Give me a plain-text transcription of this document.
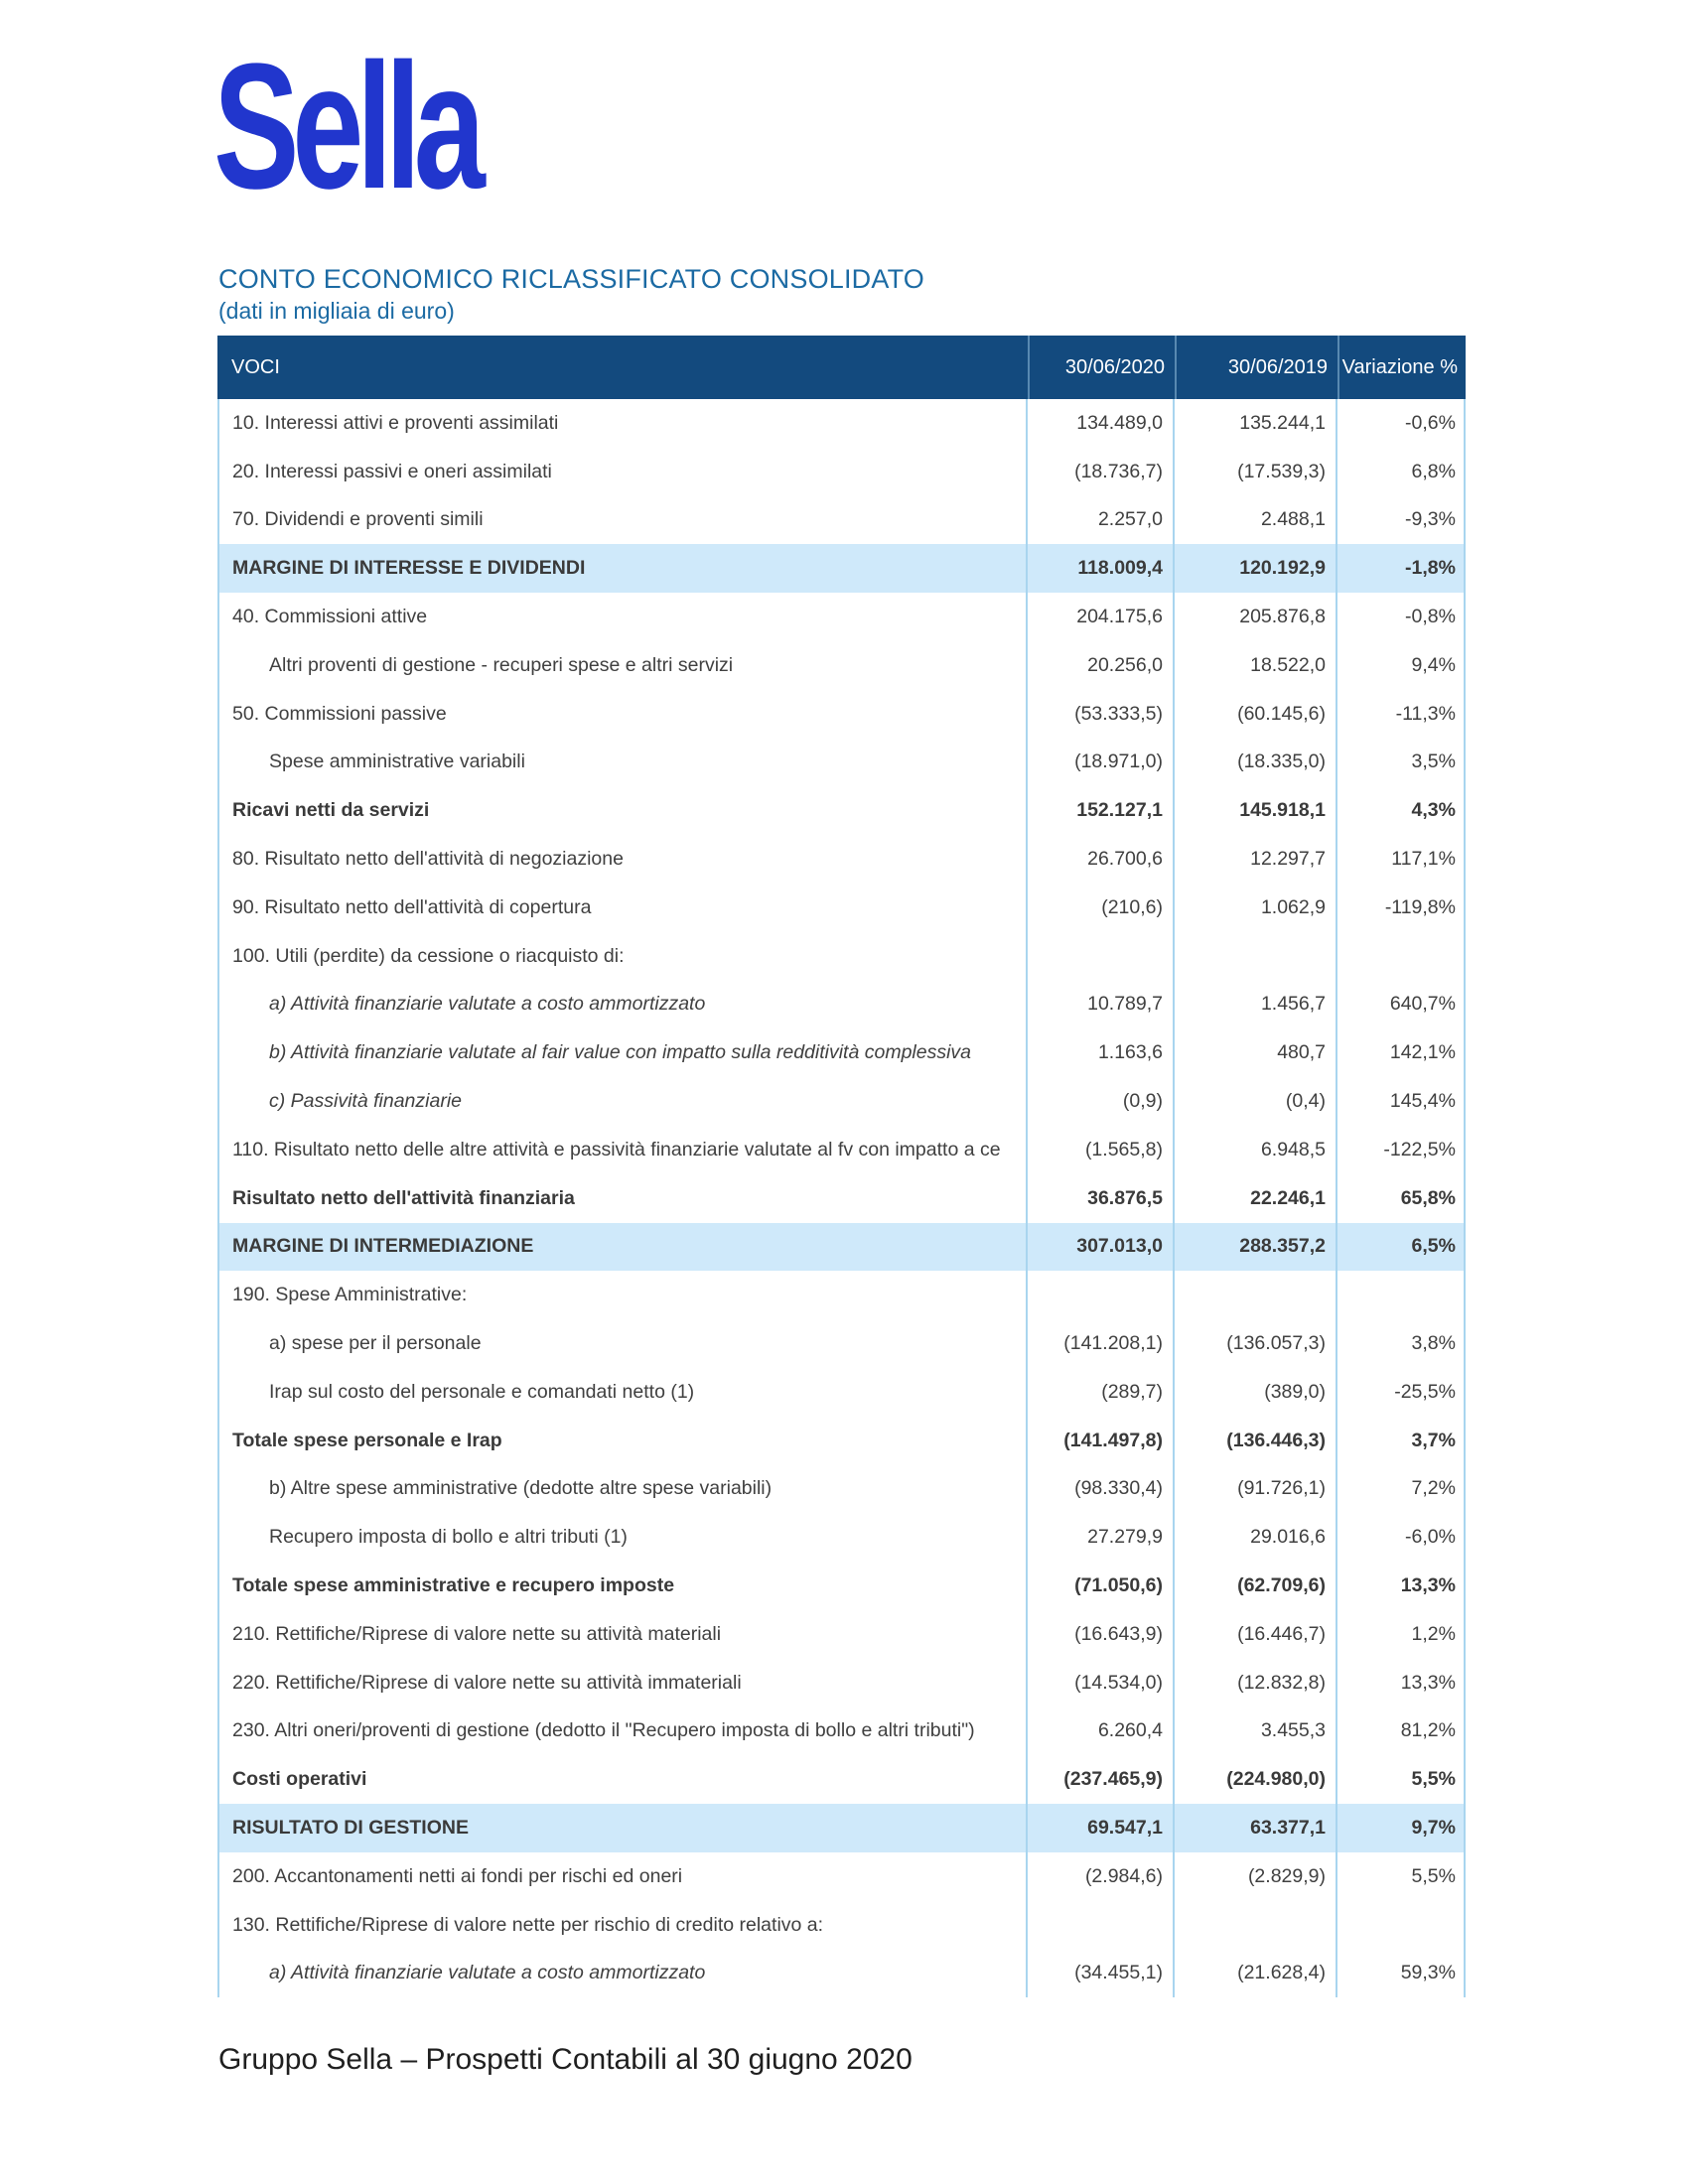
Sella
CONTO ECONOMICO RICLASSIFICATO CONSOLIDATO
(dati in migliaia di euro)
VOCI	30/06/2020	30/06/2019 Variazione %
10. Interessi attivi e proventi assimilati	134.489,0	135.244,1	-0,6%
20. Interessi passivi e oneri assimilati	(18.736,7)	(17.539,3)	6,8%
70. Dividendi e proventi simili	2.257,0	2.488,1	-9,3%
MARGINE DI INTERESSE E DIVIDENDI	118.009,4	120.192,9	-1,8%
40. Commissioni attive	204.175,6	205.876,8	-0,8%
Altri proventi di gestione - recuperi spese e altri servizi	20.256,0	18.522,0	9,4%
50. Commissioni passive	(53.333,5)	(60.145,6)	-11,3%
Spese amministrative variabili	(18.971,0)	(18.335,0)	3,5%
Ricavi netti da servizi	152.127,1	145.918,1	4,3%
80. Risultato netto dell'attività di negoziazione	26.700,6	12.297,7	117,1%
90. Risultato netto dell'attività di copertura	(210,6)	1.062,9	-119,8%
100. Utili (perdite) da cessione o riacquisto di:
a) Attività finanziarie valutate a costo ammortizzato	10.789,7	1.456,7	640,7%
b) Attività finanziarie valutate al fair value con impatto sulla redditività complessiva	1.163,6	480,7	142,1%
c) Passività finanziarie	(0,9)	(0,4)	145,4%
110. Risultato netto delle altre attività e passività finanziarie valutate al fv con impatto a ce	(1.565,8)	6.948,5	-122,5%
Risultato netto dell'attività finanziaria	36.876,5	22.246,1	65,8%
MARGINE DI INTERMEDIAZIONE	307.013,0	288.357,2	6,5%
190. Spese Amministrative:
a) spese per il personale	(141.208,1)	(136.057,3)	3,8%
Irap sul costo del personale e comandati netto (1)	(289,7)	(389,0)	-25,5%
Totale spese personale e Irap	(141.497,8)	(136.446,3)	3,7%
b) Altre spese amministrative (dedotte altre spese variabili)	(98.330,4)	(91.726,1)	7,2%
Recupero imposta di bollo e altri tributi (1)	27.279,9	29.016,6	-6,0%
Totale spese amministrative e recupero imposte	(71.050,6)	(62.709,6)	13,3%
210. Rettifiche/Riprese di valore nette su attività materiali	(16.643,9)	(16.446,7)	1,2%
220. Rettifiche/Riprese di valore nette su attività immateriali	(14.534,0)	(12.832,8)	13,3%
230. Altri oneri/proventi di gestione (dedotto il "Recupero imposta di bollo e altri tributi")	6.260,4	3.455,3	81,2%
Costi operativi	(237.465,9)	(224.980,0)	5,5%
RISULTATO DI GESTIONE	69.547,1	63.377,1	9,7%
200. Accantonamenti netti ai fondi per rischi ed oneri	(2.984,6)	(2.829,9)	5,5%
130. Rettifiche/Riprese di valore nette per rischio di credito relativo a:
a) Attività finanziarie valutate a costo ammortizzato	(34.455,1)	(21.628,4)	59,3%
Gruppo Sella – Prospetti Contabili al 30 giugno 2020
